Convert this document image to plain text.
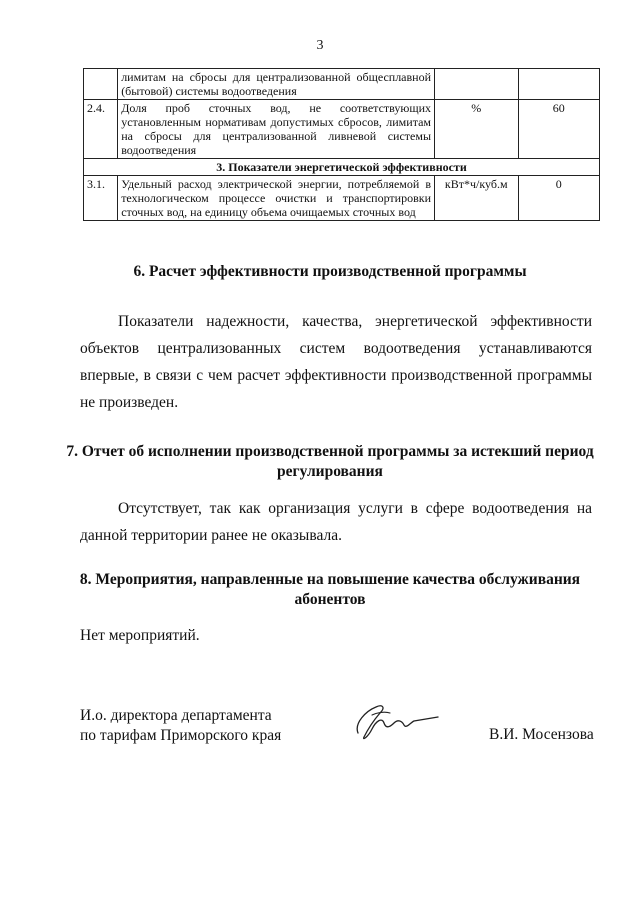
3
	лимитам на сбросы для централизованной общесплавной (бытовой) системы водоотведения		
2.4.	Доля проб сточных вод, не соответствующих установленным нормативам допустимых сбросов, лимитам на сбросы для централизованной ливневой системы водоотведения	%	60
3. Показатели энергетической эффективности			
3.1.	Удельный расход электрической энергии, потребляемой в технологическом процессе очистки и транспортировки сточных вод, на единицу объема очищаемых сточных вод	кВт*ч/куб.м	0
6. Расчет эффективности производственной программы
Показатели надежности, качества, энергетической эффективности объектов централизованных систем водоотведения устанавливаются впервые, в связи с чем расчет эффективности производственной программы не произведен.
7. Отчет об исполнении производственной программы за истекший период регулирования
Отсутствует, так как организация услуги в сфере водоотведения на данной территории ранее не оказывала.
8. Мероприятия, направленные на повышение качества обслуживания абонентов
Нет мероприятий.
И.о. директора департамента
по тарифам Приморского края	В.И. Мосензова
